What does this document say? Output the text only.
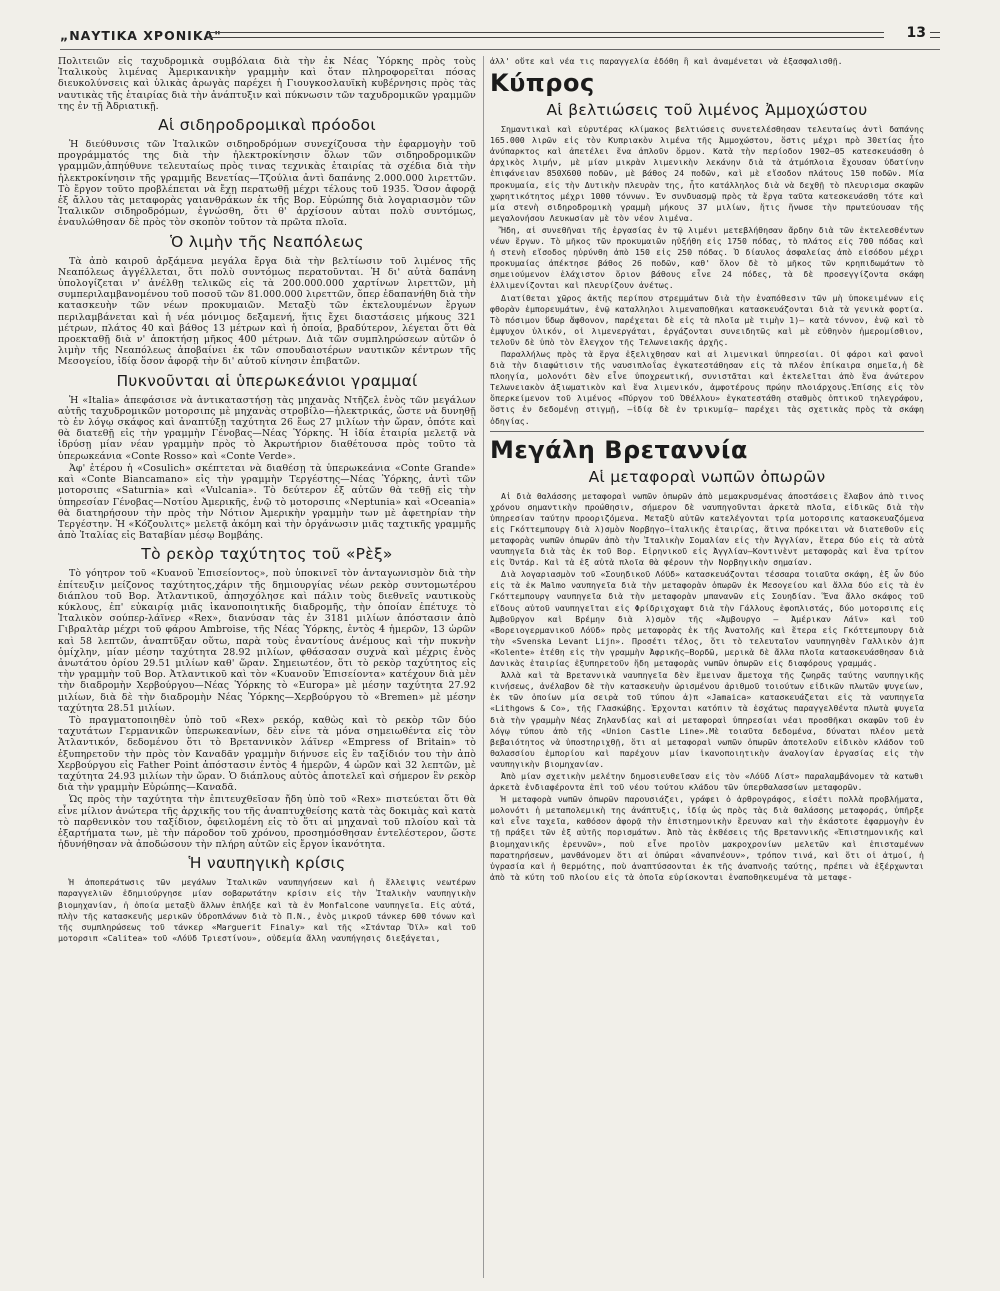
„ΝΑΥΤΙΚΑ ΧΡΟΝΙΚΑ"	13

Πολιτειῶν εἰς ταχυδρομικὰ συμβόλαια διὰ τὴν ἐκ Νέας Ὑόρκης πρὸς τοὺς Ἰταλικοὺς λιμένας Ἀμερικανικὴν γραμμὴν καὶ ὅταν πληροφορεῖται πόσας διευκολύνσεις καὶ ὑλικὰς ἀρωγὰς παρέχει ἡ Γιουγκοσλαυϊκὴ κυβέρνησις πρὸς τὰς ναυτικὰς τῆς ἑταιρίας διὰ τὴν ἀνάπτυξιν καὶ πύκνωσιν τῶν ταχυδρομικῶν γραμμῶν της ἐν τῇ Ἀδριατικῇ.

Αἱ σιδηροδρομικαὶ πρόοδοι

Ἡ διεύθυνσις τῶν Ἰταλικῶν σιδηροδρόμων συνεχίζουσα τὴν ἐφαρμογὴν τοῦ προγράμματός της διὰ τὴν ἠλεκτροκίνησιν ὅλων τῶν σιδηροδρομικῶν γραμμῶν,ἀπηύθυνε τελευταίως πρὸς τινας τεχνικὰς ἑταιρίας τὰ σχέδια διὰ τὴν ἠλεκτροκίνησιν τῆς γραμμῆς Βενετίας—Τζούλια ἀντὶ δαπάνης 2.000.000 λιρεττῶν. Τὸ ἔργον τοῦτο προβλέπεται νὰ ἔχῃ περατωθῇ μέχρι τέλους τοῦ 1935. Ὅσον ἀφορᾷ ἐξ ἄλλου τὰς μεταφορὰς γαιανθράκων ἐκ τῆς Βορ. Εὐρώπης διὰ λογαριασμὸν τῶν Ἰταλικῶν σιδηροδρόμων, ἐγνώσθη, ὅτι θ' ἀρχίσουν αὗται πολὺ συντόμως, ἐναυλώθησαν δὲ πρὸς τὸν σκοπὸν τοῦτον τὰ πρῶτα πλοῖα.

Ὁ λιμὴν τῆς Νεαπόλεως

Τὰ ἀπὸ καιροῦ ἀρξάμενα μεγάλα ἔργα διὰ τὴν βελτίωσιν τοῦ λιμένος τῆς Νεαπόλεως ἀγγέλλεται, ὅτι πολὺ συντόμως περατοῦνται. Ἡ δι' αὐτὰ δαπάνη ὑπολογίζεται ν' ἀνέλθῃ τελικῶς εἰς τὰ 200.000.000 χαρτίνων λιρεττῶν, μὴ συμπεριλαμβανομένου τοῦ ποσοῦ τῶν 81.000.000 λιρεττῶν, ὅπερ ἐδαπανήθη διὰ τὴν κατασκευὴν τῶν νέων προκυμαιῶν. Μεταξὺ τῶν ἐκτελουμένων ἔργων περιλαμβάνεται καὶ ἡ νέα μόνιμος δεξαμενή, ἥτις ἔχει διαστάσεις μήκους 321 μέτρων, πλάτος 40 καὶ βάθος 13 μέτρων καὶ ἡ ὁποία, βραδύτερον, λέγεται ὅτι θὰ προεκταθῇ διὰ ν' ἀποκτήσῃ μῆκος 400 μέτρων. Διὰ τῶν συμπληρώσεων αὐτῶν ὁ λιμὴν τῆς Νεαπόλεως ἀποβαίνει ἐκ τῶν σπουδαιοτέρων ναυτικῶν κέντρων τῆς Μεσογείου, ἰδίᾳ ὅσον ἀφορᾷ τὴν δι' αὐτοῦ κίνησιν ἐπιβατῶν.

Πυκνοῦνται αἱ ὑπερωκεάνιοι γραμμαί

Ἡ «Italia» ἀπεφάσισε νὰ ἀντικαταστήσῃ τὰς μηχανὰς Ντῆζελ ἑνὸς τῶν μεγάλων αὐτῆς ταχυδρομικῶν μοτορσιπς μὲ μηχανὰς στροβίλο—ἠλεκτρικάς, ὥστε νὰ δυνηθῇ τὸ ἐν λόγῳ σκάφος καὶ ἀναπτύξῃ ταχύτητα 26 ἕως 27 μιλίων τὴν ὥραν, ὁπότε καὶ θὰ διατεθῇ εἰς τὴν γραμμὴν Γένοβας—Νέας Ὑόρκης. Ἡ ἰδία ἑταιρία μελετᾷ νὰ ἱδρύσῃ μίαν νέαν γραμμὴν πρὸς τὸ Ἀκρωτήριον διαθέτουσα πρὸς τοῦτο τὰ ὑπερωκεάνια «Conte Rosso» καὶ «Conte Verde».

Ἀφ' ἑτέρου ἡ «Cosulich» σκέπτεται νὰ διαθέσῃ τὰ ὑπερωκεάνια «Conte Grande» καὶ «Conte Biancamano» εἰς τὴν γραμμὴν Τεργέστης—Νέας Ὑόρκης, ἀντὶ τῶν μοτορσιπς «Saturnia» καὶ «Vulcania». Τὸ δεύτερον ἐξ αὐτῶν θὰ τεθῇ εἰς τὴν ὑπηρεσίαν Γένοβας—Νοτίου Ἀμερικῆς, ἐνῷ τὸ μοτορσιπς «Neptunia» καὶ «Oceania» θὰ διατηρήσουν τὴν πρὸς τὴν Νότιον Ἀμερικὴν γραμμὴν των μὲ ἀφετηρίαν τὴν Τεργέστην. Ἡ «Κόζουλιτς» μελετᾷ ἀκόμη καὶ τὴν ὀργάνωσιν μιᾶς ταχτικῆς γραμμῆς ἀπὸ Ἰταλίας εἰς Βαταβίαν μέσῳ Βομβάης.

Τὸ ρεκὸρ ταχύτητος τοῦ «Ρὲξ»

Τὸ γόητρον τοῦ «Κυανοῦ Ἐπισείοντος», ποὺ ὑποκινεῖ τὸν ἀνταγωνισμὸν διὰ τὴν ἐπίτευξιν μείζονος ταχύτητος,χάριν τῆς δημιουργίας νέων ρεκὸρ συντομωτέρου διάπλου τοῦ Βορ. Ἀτλαντικοῦ, ἀπησχόλησε καὶ πάλιν τοὺς διεθνεῖς ναυτικοὺς κύκλους, ἐπ' εὐκαιρίᾳ μιᾶς ἱκανοποιητικῆς διαδρομῆς, τὴν ὁποίαν ἐπέτυχε τὸ Ἰταλικὸν σούπερ-λάϊνερ «Rex», διανύσαν τὰς ἐν 3181 μιλίων ἀπόστασιν ἀπὸ Γιβραλτὰρ μέχρι τοῦ φάρου Ambroise, τῆς Νέας Ὑόρκης, ἐντὸς 4 ἡμερῶν, 13 ὡρῶν καὶ 58 λεπτῶν, ἀναπτῦξαν οὕτω, παρὰ τοὺς ἐναντίους ἀνέμους καὶ τὴν πυκνὴν ὁμίχλην, μίαν μέσην ταχύτητα 28.92 μιλίων, φθάσασαν συχνὰ καὶ μέχρις ἑνὸς ἀνωτάτου ὁρίου 29.51 μιλίων καθ' ὥραν. Σημειωτέον, ὅτι τὸ ρεκὸρ ταχύτητος εἰς τὴν γραμμὴν τοῦ Βορ. Ἀτλαντικοῦ καὶ τὸν «Κυανοῦν Ἐπισείοντα» κατέχουν διὰ μὲν τὴν διαδρομὴν Χερβούργου—Νέας Ὑόρκης τὸ «Europa» μὲ μέσην ταχύτητα 27.92 μιλίων, διὰ δὲ τὴν διαδρομὴν Νέας Ὑόρκης—Χερβούργου τὸ «Bremen» μὲ μέσην ταχύτητα 28.51 μιλίων.

Τὸ πραγματοποιηθὲν ὑπὸ τοῦ «Rex» ρεκόρ, καθὼς καὶ τὸ ρεκὸρ τῶν δύο ταχυτάτων Γερμανικῶν ὑπερωκεανίων, δὲν εἶνε τὰ μόνα σημειωθέντα εἰς τὸν Ἀτλαντικόν, δεδομένου ὅτι τὸ Βρεταννικὸν λάϊνερ «Empress of Britain» τὸ ἐξυπηρετοῦν τὴν πρὸς τὸν Καναδᾶν γραμμὴν διήνυσε εἰς ἓν ταξίδιόν του τὴν ἀπὸ Χερβούργου εἰς Father Point ἀπόστασιν ἐντὸς 4 ἡμερῶν, 4 ὡρῶν καὶ 32 λεπτῶν, μὲ ταχύτητα 24.93 μιλίων τὴν ὥραν. Ὁ διάπλους αὐτὸς ἀποτελεῖ καὶ σήμερον ἓν ρεκὸρ διὰ τὴν γραμμὴν Εὐρώπης—Καναδᾶ.

Ὡς πρὸς τὴν ταχύτητα τὴν ἐπιτευχθεῖσαν ἤδη ὑπὸ τοῦ «Rex» πιστεύεται ὅτι θὰ εἶνε μίλιον ἀνώτερα τῆς ἀρχικῆς του τῆς ἀναπτυχθείσης κατὰ τὰς δοκιμὰς καὶ κατὰ τὸ παρθενικὸν του ταξίδιον, ὀφειλομένη εἰς τὸ ὅτι αἱ μηχαναὶ τοῦ πλοίου καὶ τὰ ἐξαρτήματα των, μὲ τὴν πάροδον τοῦ χρόνου, προσημόσθησαν ἐντελέστερον, ὥστε ἠδυνήθησαν νὰ ἀποδώσουν τὴν πλήρη αὐτῶν εἰς ἔργον ἱκανότητα.

Ἡ ναυπηγικὴ κρίσις

Ἡ ἀποπεράτωσις τῶν μεγάλων Ἰταλικῶν ναυπηγήσεων καὶ ἡ ἔλλειψις νεωτέρων παραγγελιῶν ἐδημιούργησε μίαν σοβαρωτάτην κρίσιν εἰς τὴν Ἰταλικὴν ναυπηγικὴν βιομηχανίαν, ἡ ὁποία μεταξὺ ἄλλων ἐπλήξε καὶ τὰ ἐν Monfalcone ναυπηγεῖα. Εἰς αὐτά, πλὴν τῆς κατασκευῆς μερικῶν ὑδροπλάνων διὰ τὸ Π.Ν., ἑνὸς μικροῦ τάνκερ 600 τόνων καὶ τῆς συμπληρώσεως τοῦ τάνκερ «Marguerit Finaly» καὶ τῆς «Στάνταρ Ὄϊλ» καὶ τοῦ μοτορσιπ «Calitea» τοῦ «Λόϋδ Τριεστίνου», οὐδεμία ἄλλη ναυπήγησις διεξάγεται,

ἀλλ' οὔτε καὶ νέα τις παραγγελία ἐδόθη ἢ καὶ ἀναμένεται νὰ ἐξασφαλισθῇ.

Κύπρος
Αἱ βελτιώσεις τοῦ λιμένος Ἀμμοχώστου

Σημαντικαὶ καὶ εὐρυτέρας κλίμακος βελτιώσεις συνετελέσθησαν τελευταίως ἀντὶ δαπάνης 165.000 λιρῶν εἰς τὸν Κυπριακὸν λιμένα τῆς Ἀμμοχώστου, ὅστις μέχρι πρὸ 30ετίας ἦτο ἀνύπαρκτος καὶ ἀπετέλει ἕνα ἁπλοῦν ὅρμον. Κατὰ τὴν περίοδον 1902—05 κατεσκευάσθη ὁ ἀρχικὸς λιμήν, μὲ μίαν μικρὰν λιμενικὴν λεκάνην διὰ τὰ ἀτμόπλοια ἔχουσαν ὑδατίνην ἐπιφάνειαν 850Χ600 ποδῶν, μὲ βάθος 24 ποδῶν, καὶ μὲ εἴσοδον πλάτους 150 ποδῶν. Μία προκυμαία, εἰς τὴν Δυτικὴν πλευρὰν της, ἦτο κατάλληλος διὰ νὰ δεχθῇ τὸ πλευρισμα σκαφῶν χωρητικότητος μέχρι 1000 τόννων. Ἐν συνδυασμῷ πρὸς τὰ ἔργα ταῦτα κατεσκευάσθη τότε καὶ μία στενὴ σιδηροδρομικὴ γραμμὴ μήκους 37 μιλίων, ἥτις ἤνωσε τὴν πρωτεύουσαν τῆς μεγαλονήσου Λευκωσίαν μὲ τὸν νέον λιμένα.

Ἤδη, αἱ συνεθῆναι τῆς ἐργασίας ἐν τῷ λιμένι μετεβλήθησαν ἄρδην διὰ τῶν ἐκτελεσθέντων νέων ἔργων. Τὸ μῆκος τῶν προκυμαιῶν ηὐξήθη εἰς 1750 πόδας, τὸ πλάτος εἰς 700 πόδας καὶ ἡ στενὴ εἴσοδος ηὐρύνθη ἀπὸ 150 εἰς 250 πόδας. Ὁ δίαυλος ἀσφαλείας ἀπὸ εἰσόδου μέχρι προκυμαίας ἀπέκτησε βάθος 26 ποδῶν, καθ' ὅλον δὲ τὸ μῆκος τῶν κρηπιδωμάτων τὸ σημειούμενον ἐλάχιστον ὅριον βάθους εἶνε 24 πόδες, τὰ δὲ προσεγγίζοντα σκάφη ἐλλιμενίζονται καὶ πλευρίζουν ἀνέτως.

Διατίθεται χῶρος ἀκτῆς περίπου στρεμμάτων διὰ τὴν ἐναπόθεσιν τῶν μὴ ὑποκειμένων εἰς φθορὰν ἐμπορευμάτων, ἐνῷ καταλληλοι λιμεναποθῆκαι κατασκευάζονται διὰ τὰ γενικὰ φορτία. Τὸ πόσιμον ὕδωρ ἄφθονον, παρέχεται δὲ εἰς τὰ πλοῖα μὲ τιμὴν 1)— κατὰ τόννον, ἐνῷ καὶ τὸ ἐμψυχον ὑλικόν, οἱ λιμενεργάται, ἐργάζονται συνειδητῶς καὶ μὲ εὐθηνὸν ἡμερομίσθιον, τελοῦν δὲ ὑπὸ τὸν ἔλεγχον τῆς Τελωνειακῆς ἀρχῆς.

Παραλλήλως πρὸς τὰ ἔργα ἐξελιχθησαν καὶ αἱ λιμενικαὶ ὑπηρεσίαι. Οἱ φάροι καὶ φανοὶ διὰ τὴν διαφώτισιν τῆς ναυσιπλοΐας ἐγκατεστάθησαν εἰς τὰ πλέον ἐπίκαιρα σημεῖα,ἡ δὲ πλοηγία, μολονότι δὲν εἶνε ὑποχρεωτική, συνιστᾶται καὶ ἐκτελεῖται ἀπὸ ἕνα ἀνώτερον Τελωνειακὸν ἀξιωματικὸν καὶ ἕνα λιμενικόν, ἀμφοτέρους πρώην πλοιάρχους.Ἐπίσης εἰς τὸν ὅπερκείμενον τοῦ λιμένος «Πύργον τοῦ Ὀθέλλου» ἐγκατεστάθη σταθμὸς ὀπτικοῦ τηλεγράφου, ὅστις ἐν δεδομένῃ στιγμῇ, —ἰδίᾳ δὲ ἐν τρικυμίᾳ— παρέχει τὰς σχετικὰς πρὸς τὰ σκάφη ὁδηγίας.

Μεγάλη Βρεταννία
Αἱ μεταφοραὶ νωπῶν ὀπωρῶν

Αἱ διὰ θαλάσσης μεταφοραὶ νωπῶν ὀπωρῶν ἀπὸ μεμακρυσμένας ἀποστάσεις ἔλαβον ἀπὸ τινος χρόνου σημαντικὴν προώθησιν, σήμερον δὲ ναυπηγοῦνται ἀρκετὰ πλοῖα, εἰδικῶς διὰ τὴν ὑπηρεσίαν ταύτην προοριζόμενα. Μεταξὺ αὐτῶν κατελέγονται τρία μοτορσιπς κατασκευαζόμενα εἰς Γκόττεμπουργ διὰ λ)σμὸν Νορβηγο—ἰταλικῆς ἑταιρίας, ἅτινα πρόκειται νὰ διατεθοῦν εἰς μεταφορὰς νωπῶν ὀπωρῶν ἀπὸ τὴν Ἰταλικὴν Σομαλίαν εἰς τὴν Ἀγγλίαν, ἕτερα δύο εἰς τὰ αὐτὰ ναυπηγεῖα διὰ τὰς ἐκ τοῦ Βορ. Εἰρηνικοῦ εἰς Ἀγγλίαν—Κοντινὲντ μεταφορὰς καὶ ἕνα τρίτον εἰς Ὀντάρ. Καὶ τὰ ἐξ αὐτὰ πλοῖα θὰ φέρουν τὴν Νορβηγικὴν σημαίαν.

Διὰ λογαριασμὸν τοῦ «Σουηδικοῦ Λόϋδ» κατασκευάζονται τέσσαρα τοιαῦτα σκάφη, ἐξ ὧν δύο εἰς τὰ ἐκ Malmo ναυπηγεῖα διὰ τὴν μεταφορὰν ὀπωρῶν ἐκ Μεσογείου καὶ ἄλλα δύο εἰς τὰ ἐν Γκόττεμπουργ ναυπηγεῖα διὰ τὴν μεταφορὰν μπανανῶν εἰς Σουηδίαν. Ἕνα ἄλλο σκάφος τοῦ εἴδους αὐτοῦ ναυπηγεῖται εἰς Φρίδριχσχαφτ διὰ τὴν Γάλλους ἐφοπλιστάς, δύο μοτορσιπς εἰς Ἀμβοῦργον καὶ Βρέμην διὰ λ)σμὸν τῆς «Ἀμβουργο — Ἀμέρικαν Λάϊν» καὶ τοῦ «Βορειογερμανικοῦ Λόϋδ» πρὸς μεταφορὰς ἐκ τῆς Ἀνατολῆς καὶ ἕτερα εἰς Γκόττεμπουργ διὰ τὴν «Svenska Levant Lijn». Προσέτι τέλος, ὅτι τὸ τελευταῖον ναυπηγηθὲν Γαλλικὸν ἀ)π «Kolente» ἐτέθη εἰς τὴν γραμμὴν Ἀφρικῆς—Βορδῶ, μερικὰ δὲ ἄλλα πλοῖα κατασκευάσθησαν διὰ Δανικὰς ἑταιρίας ἐξυπηρετοῦν ἤδη μεταφορὰς νωπῶν ὀπωρῶν εἰς διαφόρους γραμμάς.

Ἀλλὰ καὶ τὰ Βρεταννικὰ ναυπηγεῖα δὲν ἔμειναν ἄμετοχα τῆς ζωηρᾶς ταύτης ναυπηγικῆς κινήσεως, ἀνέλαβον δὲ τὴν κατασκευὴν ὡρισμένου ἀριθμοῦ τοιούτων εἰδικῶν πλωτῶν ψυγείων, ἐκ τῶν ὁποίων μία σειρὰ τοῦ τύπου ἀ)π «Jamaica» κατασκευάζεται εἰς τὰ ναυπηγεῖα «Lithgows & Co», τῆς Γλασκώβης. Ἐρχονται κατόπιν τὰ ἐσχάτως παραγγελθέντα πλωτὰ ψυγεῖα διὰ τὴν γραμμὴν Νέας Ζηλανδίας καὶ αἱ μεταφοραὶ ὑπηρεσίαι νέαι προσθῆκαι σκαφῶν τοῦ ἐν λόγῳ τύπου ἀπὸ τῆς «Union Castle Line».Μὲ τοιαῦτα δεδομένα, δύναται πλέον μετὰ βεβαιότητος νὰ ὑποστηριχθῇ, ὅτι αἱ μεταφοραὶ νωπῶν ὀπωρῶν ἀποτελοῦν εἰδικὸν κλάδον τοῦ θαλασσίου ἐμπορίου καὶ παρέχουν μίαν ἱκανοποιητικὴν ἀναλογίαν ἐργασίας εἰς τὴν ναυπηγικὴν βιομηχανίαν.

Ἀπὸ μίαν σχετικὴν μελέτην δημοσιευθεῖσαν εἰς τὸν «Λόϋδ Λίστ» παραλαμβάνομεν τὰ κατωθι ἀρκετὰ ἐνδιαφέροντα ἐπὶ τοῦ νέου τούτου κλάδου τῶν ὑπερθαλασσίων μεταφορῶν.

Ἡ μεταφορὰ νωπῶν ὀπωρῶν παρουσιάζει, γράφει ὁ ἀρθρογράφος, εἰσέτι πολλὰ προβλήματα, μολονότι ἡ μεταπολεμικὴ της ἀνάπτυξις, ἰδίᾳ ὡς πρὸς τὰς διὰ θαλάσσης μεταφοράς, ὑπῆρξε καὶ εἶνε ταχεῖα, καθόσον ἀφορᾷ τὴν ἐπιστημονικὴν ἔρευναν καὶ τὴν ἑκάστοτε ἐφαρμογὴν ἐν τῇ πράξει τῶν ἐξ αὐτῆς πορισμάτων. Ἀπὸ τὰς ἐκθέσεις τῆς Βρεταννικῆς «Ἐπιστημονικῆς καὶ βιομηχανικῆς ἐρευνῶν», ποὺ εἶνε προϊὸν μακροχρονίων μελετῶν καὶ ἐπισταμένων παρατηρήσεων, μανθάνομεν ὅτι αἱ ὀπώραι «ἀναπνέουν», τρόπον τινά, καὶ ὅτι οἱ ἀτμοί, ἡ ὑγρασία καὶ ἡ θερμότης, ποὺ ἀναπτύσσονται ἐκ τῆς ἀναπνοῆς ταύτης, πρέπει νὰ ἐξέρχωνται ἀπὸ τὰ κύτη τοῦ πλοίου εἰς τὰ ὁποῖα εὑρίσκονται ἐναποθηκευμένα τὰ μεταφε-
